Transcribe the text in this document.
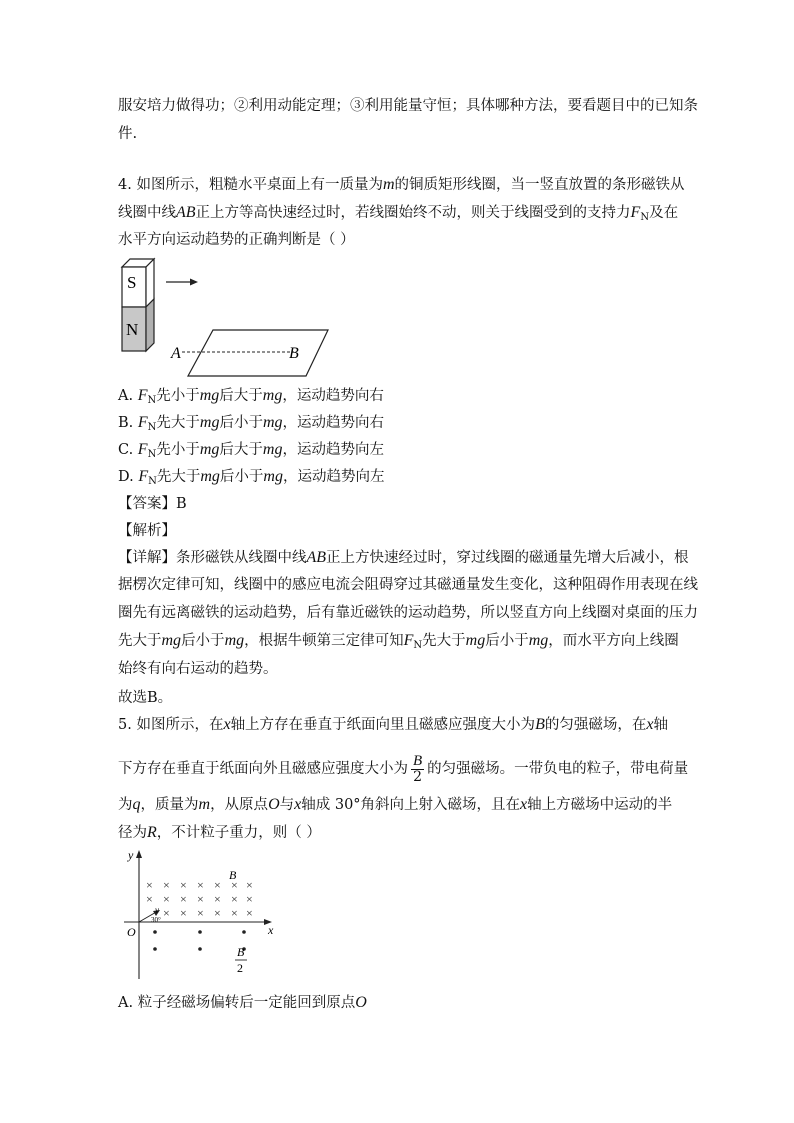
服安培力做得功；②利用动能定理；③利用能量守恒；具体哪种方法，要看题目中的已知条
件.
4. 如图所示，粗糙水平桌面上有一质量为m的铜质矩形线圈，当一竖直放置的条形磁铁从
线圈中线AB正上方等高快速经过时，若线圈始终不动，则关于线圈受到的支持力$F_N$及在
水平方向运动趋势的正确判断是（ ）
S
N
A	B
A. $F_N$先小于mg后大于mg，运动趋势向右
B. $F_N$先大于mg后小于mg，运动趋势向右
C. $F_N$先小于mg后大于mg，运动趋势向左
D. $F_N$先大于mg后小于mg，运动趋势向左
【答案】B
【解析】
【详解】条形磁铁从线圈中线AB正上方快速经过时，穿过线圈的磁通量先增大后减小，根
据楞次定律可知，线圈中的感应电流会阻碍穿过其磁通量发生变化，这种阻碍作用表现在线
圈先有远离磁铁的运动趋势，后有靠近磁铁的运动趋势，所以竖直方向上线圈对桌面的压力
先大于mg后小于mg，根据牛顿第三定律可知$F_N$先大于mg后小于mg，而水平方向上线圈
始终有向右运动的趋势。
故选B。
5. 如图所示，在x轴上方存在垂直于纸面向里且磁感应强度大小为B的匀强磁场，在x轴
下方存在垂直于纸面向外且磁感应强度大小为 $\frac{B}{2}$ 的匀强磁场。一带负电的粒子，带电荷量
为q，质量为m，从原点O与x轴成 30°角斜向上射入磁场，且在x轴上方磁场中运动的半
径为R，不计粒子重力，则（ ）
y
x
O
× × × × × × ×
× × × × × × ×
× × × × × ×
B
v
30°
B
2
A. 粒子经磁场偏转后一定能回到原点O
